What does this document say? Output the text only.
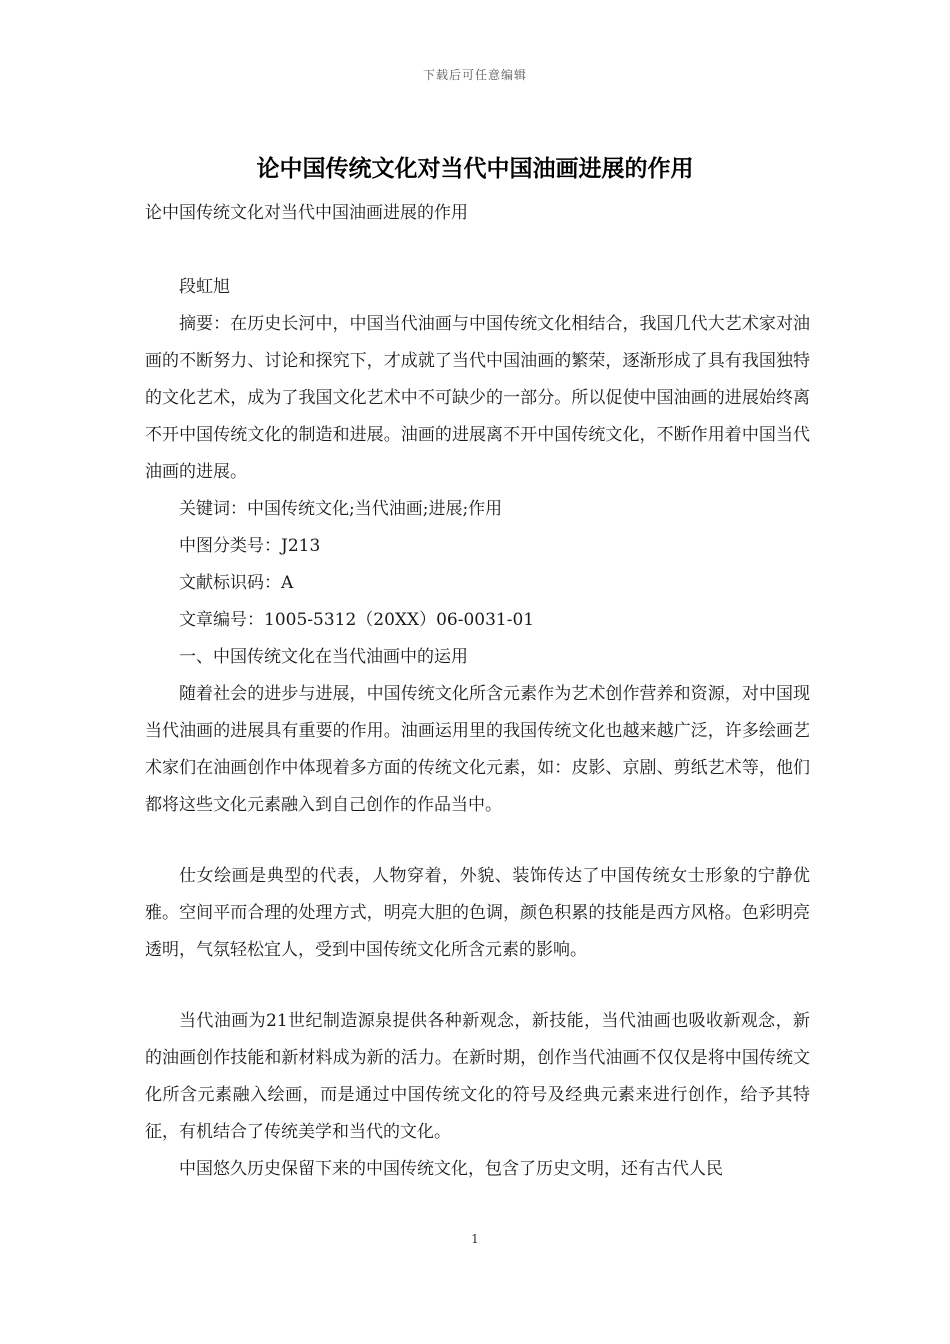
下载后可任意编辑
论中国传统文化对当代中国油画进展的作用

论中国传统文化对当代中国油画进展的作用

段虹旭

摘要：在历史长河中，中国当代油画与中国传统文化相结合，我国几代大艺术家对油画的不断努力、讨论和探究下，才成就了当代中国油画的繁荣，逐渐形成了具有我国独特的文化艺术，成为了我国文化艺术中不可缺少的一部分。所以促使中国油画的进展始终离不开中国传统文化的制造和进展。油画的进展离不开中国传统文化，不断作用着中国当代油画的进展。

关键词：中国传统文化;当代油画;进展;作用

中图分类号：J213

文献标识码：A

文章编号：1005-5312（20XX）06-0031-01

一、中国传统文化在当代油画中的运用

随着社会的进步与进展，中国传统文化所含元素作为艺术创作营养和资源，对中国现当代油画的进展具有重要的作用。油画运用里的我国传统文化也越来越广泛，许多绘画艺术家们在油画创作中体现着多方面的传统文化元素，如：皮影、京剧、剪纸艺术等，他们都将这些文化元素融入到自己创作的作品当中。

仕女绘画是典型的代表，人物穿着，外貌、装饰传达了中国传统女士形象的宁静优雅。空间平而合理的处理方式，明亮大胆的色调，颜色积累的技能是西方风格。色彩明亮透明，气氛轻松宜人，受到中国传统文化所含元素的影响。

当代油画为21世纪制造源泉提供各种新观念，新技能，当代油画也吸收新观念，新的油画创作技能和新材料成为新的活力。在新时期，创作当代油画不仅仅是将中国传统文化所含元素融入绘画，而是通过中国传统文化的符号及经典元素来进行创作，给予其特征，有机结合了传统美学和当代的文化。

中国悠久历史保留下来的中国传统文化，包含了历史文明，还有古代人民

1
